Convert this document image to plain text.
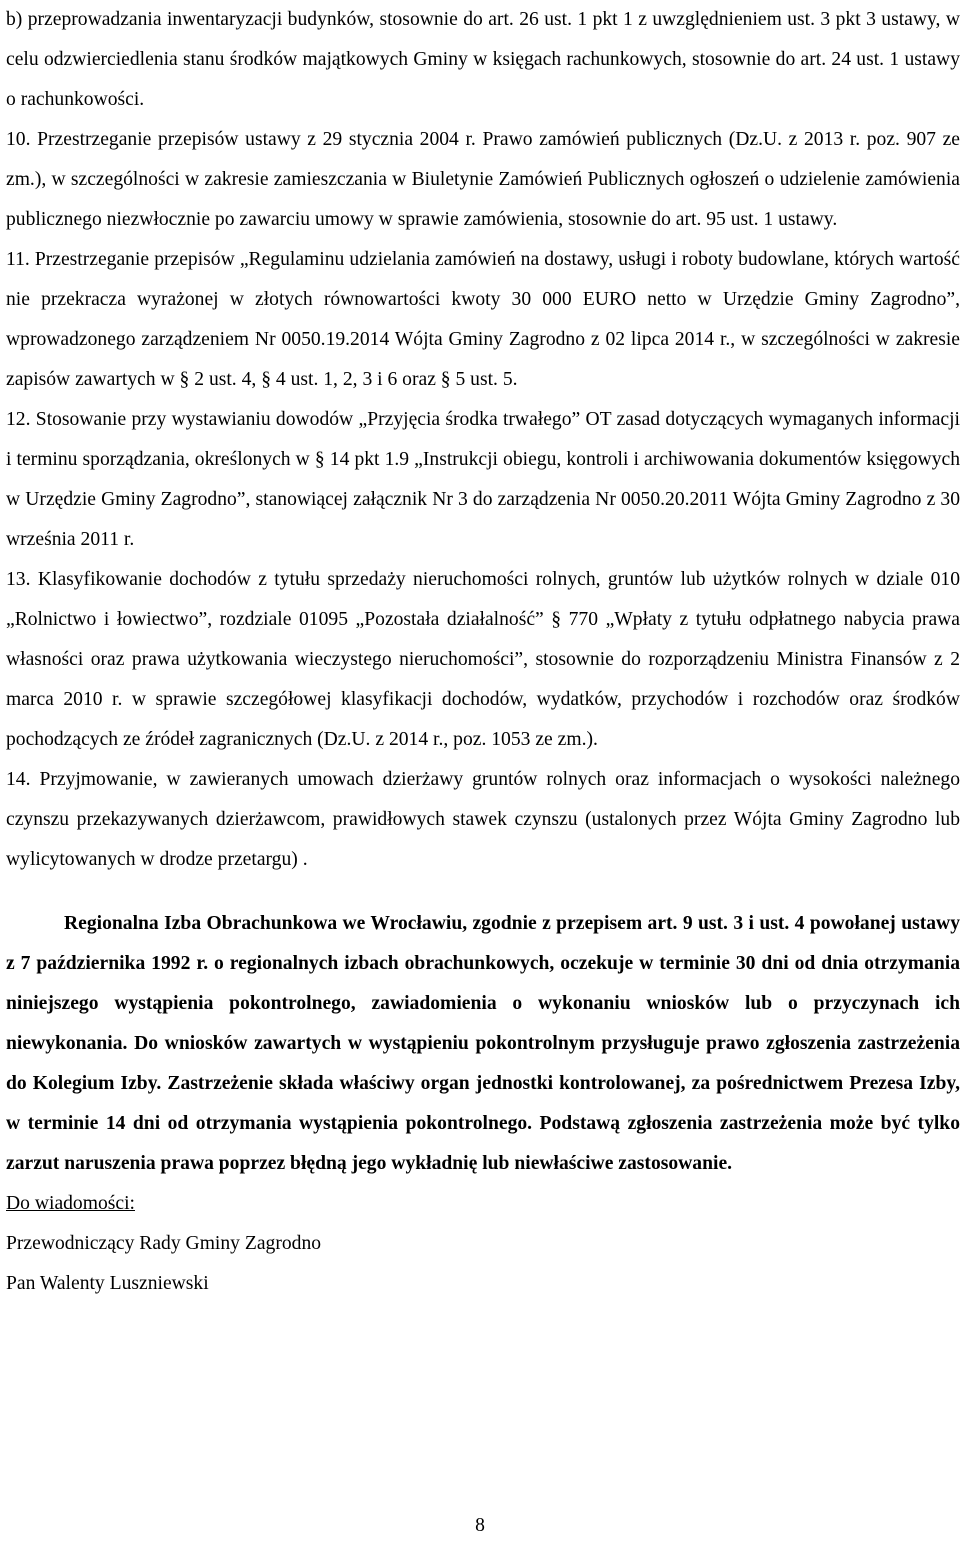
b) przeprowadzania inwentaryzacji budynków, stosownie do art. 26 ust. 1 pkt 1 z uwzględnieniem ust. 3 pkt 3 ustawy, w celu odzwierciedlenia stanu środków majątkowych Gminy w księgach rachunkowych, stosownie do art. 24 ust. 1 ustawy o rachunkowości.

10. Przestrzeganie przepisów ustawy z 29 stycznia 2004 r. Prawo zamówień publicznych (Dz.U. z 2013 r. poz. 907 ze zm.), w szczególności w zakresie zamieszczania w Biuletynie Zamówień Publicznych ogłoszeń o udzielenie zamówienia publicznego niezwłocznie po zawarciu umowy w sprawie zamówienia, stosownie do art. 95 ust. 1 ustawy.

11. Przestrzeganie przepisów „Regulaminu udzielania zamówień na dostawy, usługi i roboty budowlane, których wartość nie przekracza wyrażonej w złotych równowartości kwoty 30 000 EURO netto w Urzędzie Gminy Zagrodno”, wprowadzonego zarządzeniem Nr 0050.19.2014 Wójta Gminy Zagrodno z 02 lipca 2014 r., w szczególności w zakresie zapisów zawartych w § 2 ust. 4, § 4 ust. 1, 2, 3 i 6 oraz § 5 ust. 5.

12. Stosowanie przy wystawianiu dowodów „Przyjęcia środka trwałego” OT zasad dotyczących wymaganych informacji i terminu sporządzania, określonych w § 14 pkt 1.9 „Instrukcji obiegu, kontroli i archiwowania dokumentów księgowych w Urzędzie Gminy Zagrodno”, stanowiącej załącznik Nr 3 do zarządzenia Nr 0050.20.2011 Wójta Gminy Zagrodno z 30 września 2011 r.

13. Klasyfikowanie dochodów z tytułu sprzedaży nieruchomości rolnych, gruntów lub użytków rolnych w dziale 010 „Rolnictwo i łowiectwo”, rozdziale 01095 „Pozostała działalność” § 770 „Wpłaty z tytułu odpłatnego nabycia prawa własności oraz prawa użytkowania wieczystego nieruchomości”, stosownie do rozporządzeniu Ministra Finansów z 2 marca 2010 r. w sprawie szczegółowej klasyfikacji dochodów, wydatków, przychodów i rozchodów oraz środków pochodzących ze źródeł zagranicznych (Dz.U. z 2014 r., poz. 1053 ze zm.).

14. Przyjmowanie, w zawieranych umowach dzierżawy gruntów rolnych oraz informacjach o wysokości należnego czynszu przekazywanych dzierżawcom, prawidłowych stawek czynszu (ustalonych przez Wójta Gminy Zagrodno lub wylicytowanych w drodze przetargu) .

Regionalna Izba Obrachunkowa we Wrocławiu, zgodnie z przepisem art. 9 ust. 3 i ust. 4 powołanej ustawy z 7 października 1992 r. o regionalnych izbach obrachunkowych, oczekuje w terminie 30 dni od dnia otrzymania niniejszego wystąpienia pokontrolnego, zawiadomienia o wykonaniu wniosków lub o przyczynach ich niewykonania. Do wniosków zawartych w wystąpieniu pokontrolnym przysługuje prawo zgłoszenia zastrzeżenia do Kolegium Izby. Zastrzeżenie składa właściwy organ jednostki kontrolowanej, za pośrednictwem Prezesa Izby, w terminie 14 dni od otrzymania wystąpienia pokontrolnego. Podstawą zgłoszenia zastrzeżenia może być tylko zarzut naruszenia prawa poprzez błędną jego wykładnię lub niewłaściwe zastosowanie.

Do wiadomości:
Przewodniczący Rady Gminy Zagrodno
Pan Walenty Luszniewski
8
